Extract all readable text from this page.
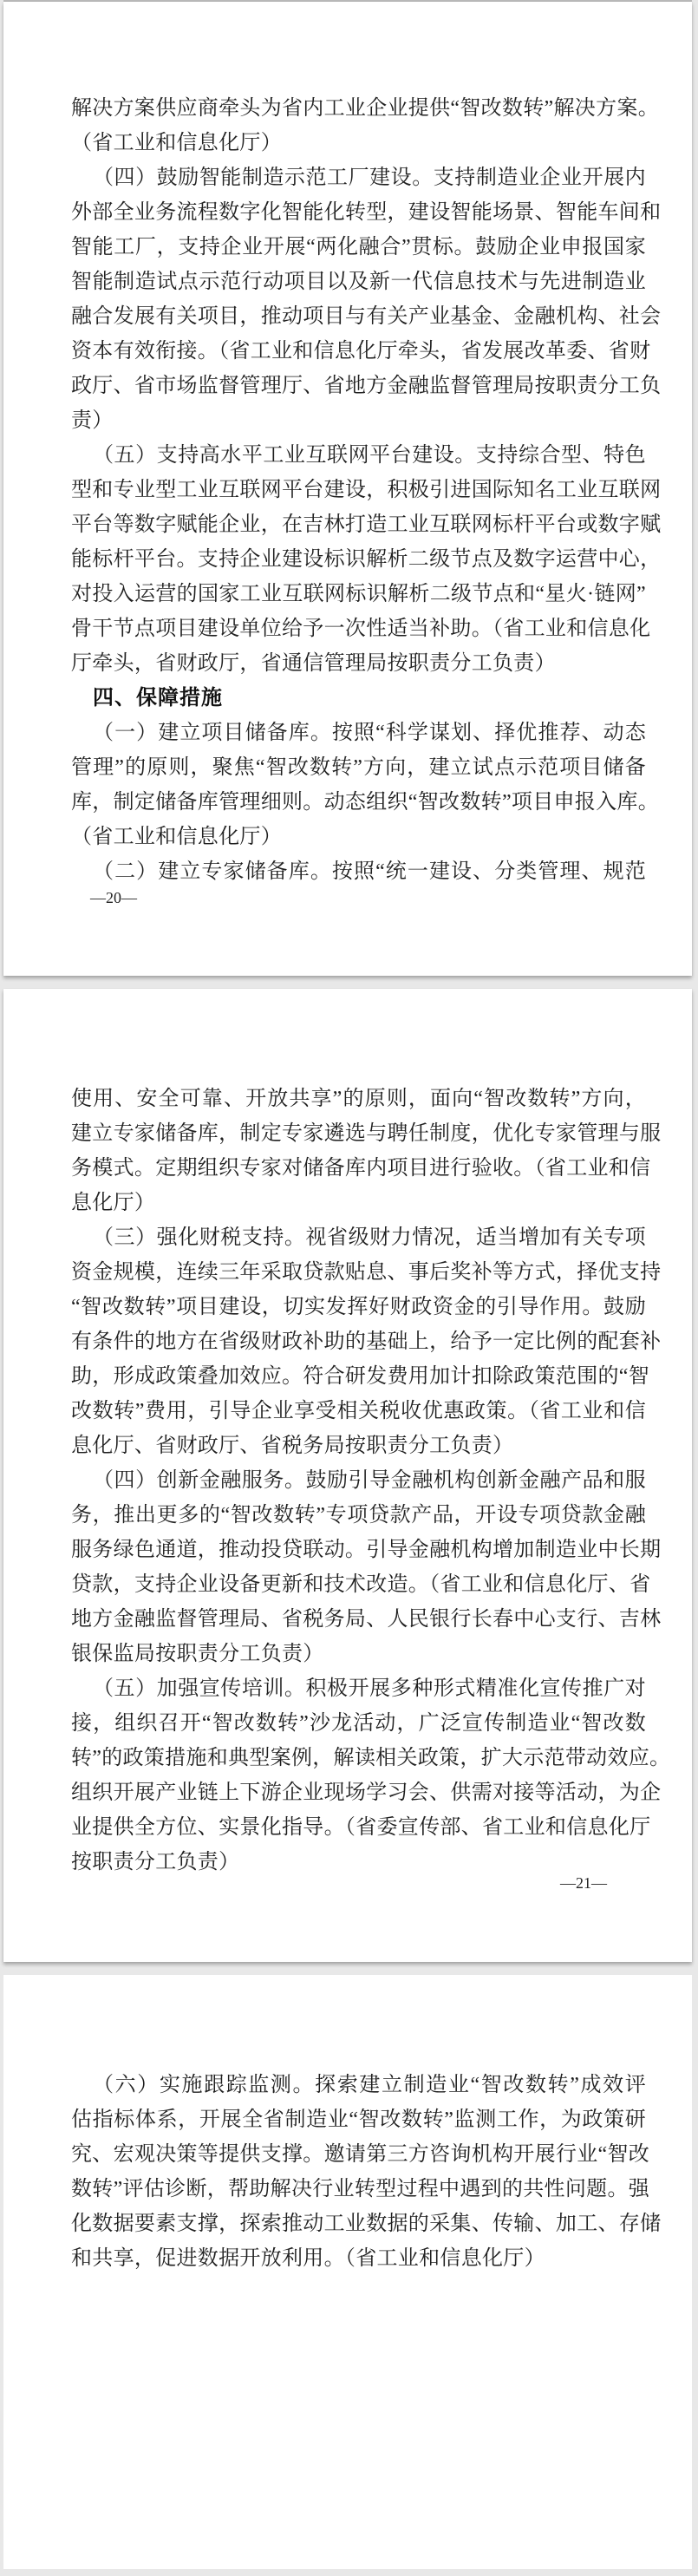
解决方案供应商牵头为省内工业企业提供“智改数转”解决方案。
（省工业和信息化厅）
（四）鼓励智能制造示范工厂建设。支持制造业企业开展内
外部全业务流程数字化智能化转型，建设智能场景、智能车间和
智能工厂，支持企业开展“两化融合”贯标。鼓励企业申报国家
智能制造试点示范行动项目以及新一代信息技术与先进制造业
融合发展有关项目，推动项目与有关产业基金、金融机构、社会
资本有效衔接。（省工业和信息化厅牵头，省发展改革委、省财
政厅、省市场监督管理厅、省地方金融监督管理局按职责分工负
责）
（五）支持高水平工业互联网平台建设。支持综合型、特色
型和专业型工业互联网平台建设，积极引进国际知名工业互联网
平台等数字赋能企业，在吉林打造工业互联网标杆平台或数字赋
能标杆平台。支持企业建设标识解析二级节点及数字运营中心，
对投入运营的国家工业互联网标识解析二级节点和“星火·链网”
骨干节点项目建设单位给予一次性适当补助。（省工业和信息化
厅牵头，省财政厅，省通信管理局按职责分工负责）
四、保障措施
（一）建立项目储备库。按照“科学谋划、择优推荐、动态
管理”的原则，聚焦“智改数转”方向，建立试点示范项目储备
库，制定储备库管理细则。动态组织“智改数转”项目申报入库。
（省工业和信息化厅）
（二）建立专家储备库。按照“统一建设、分类管理、规范
—20—
使用、安全可靠、开放共享”的原则，面向“智改数转”方向，
建立专家储备库，制定专家遴选与聘任制度，优化专家管理与服
务模式。定期组织专家对储备库内项目进行验收。（省工业和信
息化厅）
（三）强化财税支持。视省级财力情况，适当增加有关专项
资金规模，连续三年采取贷款贴息、事后奖补等方式，择优支持
“智改数转”项目建设，切实发挥好财政资金的引导作用。鼓励
有条件的地方在省级财政补助的基础上，给予一定比例的配套补
助，形成政策叠加效应。符合研发费用加计扣除政策范围的“智
改数转”费用，引导企业享受相关税收优惠政策。（省工业和信
息化厅、省财政厅、省税务局按职责分工负责）
（四）创新金融服务。鼓励引导金融机构创新金融产品和服
务，推出更多的“智改数转”专项贷款产品，开设专项贷款金融
服务绿色通道，推动投贷联动。引导金融机构增加制造业中长期
贷款，支持企业设备更新和技术改造。（省工业和信息化厅、省
地方金融监督管理局、省税务局、人民银行长春中心支行、吉林
银保监局按职责分工负责）
（五）加强宣传培训。积极开展多种形式精准化宣传推广对
接，组织召开“智改数转”沙龙活动，广泛宣传制造业“智改数
转”的政策措施和典型案例，解读相关政策，扩大示范带动效应。
组织开展产业链上下游企业现场学习会、供需对接等活动，为企
业提供全方位、实景化指导。（省委宣传部、省工业和信息化厅
按职责分工负责）
—21—
（六）实施跟踪监测。探索建立制造业“智改数转”成效评
估指标体系，开展全省制造业“智改数转”监测工作，为政策研
究、宏观决策等提供支撑。邀请第三方咨询机构开展行业“智改
数转”评估诊断，帮助解决行业转型过程中遇到的共性问题。强
化数据要素支撑，探索推动工业数据的采集、传输、加工、存储
和共享，促进数据开放利用。（省工业和信息化厅）
